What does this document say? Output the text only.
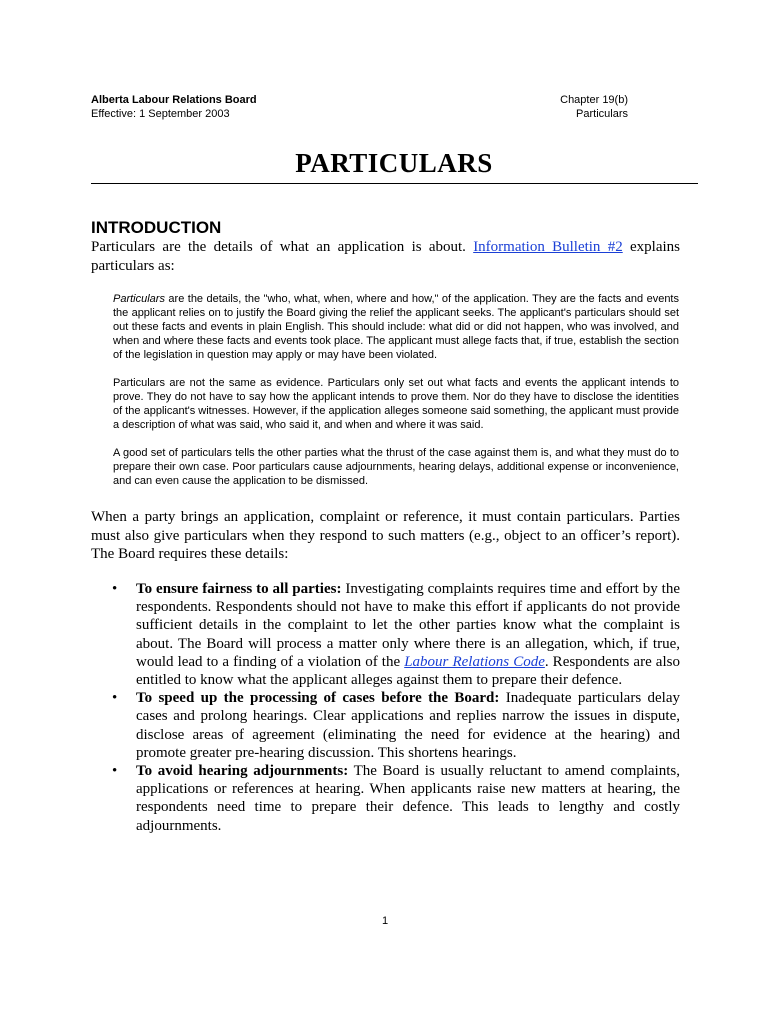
Alberta Labour Relations Board
Effective: 1 September 2003
Chapter 19(b)
Particulars
PARTICULARS
INTRODUCTION
Particulars are the details of what an application is about. Information Bulletin #2 explains particulars as:
Particulars are the details, the "who, what, when, where and how," of the application. They are the facts and events the applicant relies on to justify the Board giving the relief the applicant seeks. The applicant's particulars should set out these facts and events in plain English. This should include: what did or did not happen, who was involved, and when and where these facts and events took place. The applicant must allege facts that, if true, establish the section of the legislation in question may apply or may have been violated.
Particulars are not the same as evidence. Particulars only set out what facts and events the applicant intends to prove. They do not have to say how the applicant intends to prove them. Nor do they have to disclose the identities of the applicant's witnesses. However, if the application alleges someone said something, the applicant must provide a description of what was said, who said it, and when and where it was said.
A good set of particulars tells the other parties what the thrust of the case against them is, and what they must do to prepare their own case. Poor particulars cause adjournments, hearing delays, additional expense or inconvenience, and can even cause the application to be dismissed.
When a party brings an application, complaint or reference, it must contain particulars. Parties must also give particulars when they respond to such matters (e.g., object to an officer’s report). The Board requires these details:
• To ensure fairness to all parties: Investigating complaints requires time and effort by the respondents. Respondents should not have to make this effort if applicants do not provide sufficient details in the complaint to let the other parties know what the complaint is about. The Board will process a matter only where there is an allegation, which, if true, would lead to a finding of a violation of the Labour Relations Code. Respondents are also entitled to know what the applicant alleges against them to prepare their defence.
• To speed up the processing of cases before the Board: Inadequate particulars delay cases and prolong hearings. Clear applications and replies narrow the issues in dispute, disclose areas of agreement (eliminating the need for evidence at the hearing) and promote greater pre-hearing discussion. This shortens hearings.
• To avoid hearing adjournments: The Board is usually reluctant to amend complaints, applications or references at hearing. When applicants raise new matters at hearing, the respondents need time to prepare their defence. This leads to lengthy and costly adjournments.
1
